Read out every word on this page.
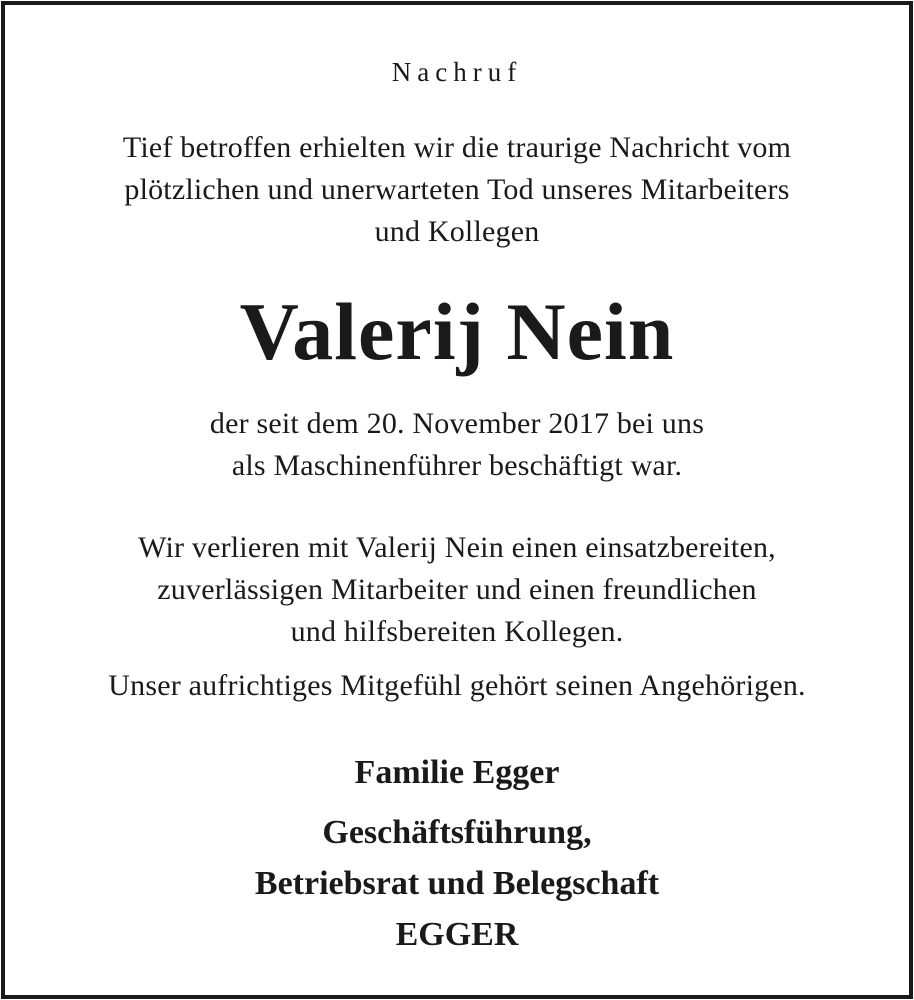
Nachruf
Tief betroffen erhielten wir die traurige Nachricht vom
plötzlichen und unerwarteten Tod unseres Mitarbeiters
und Kollegen
Valerij Nein
der seit dem 20. November 2017 bei uns
als Maschinenführer beschäftigt war.
Wir verlieren mit Valerij Nein einen einsatzbereiten,
zuverlässigen Mitarbeiter und einen freundlichen
und hilfsbereiten Kollegen.
Unser aufrichtiges Mitgefühl gehört seinen Angehörigen.
Familie Egger
Geschäftsführung,
Betriebsrat und Belegschaft
EGGER
